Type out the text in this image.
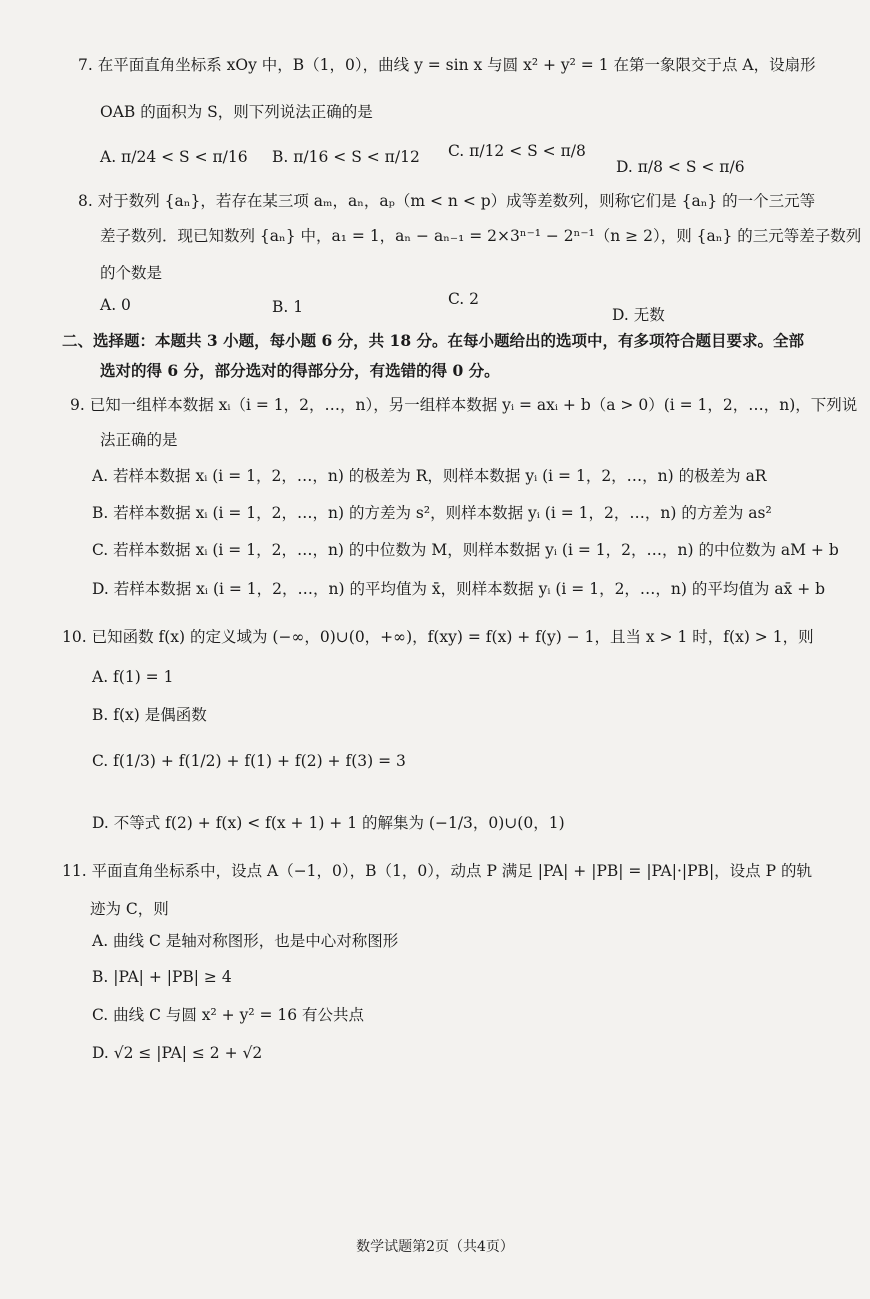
7. 在平面直角坐标系 xOy 中，B（1，0），曲线 y = sin x 与圆 x² + y² = 1 在第一象限交于点 A，设扇形
OAB 的面积为 S，则下列说法正确的是
A. π/24 < S < π/16 B. π/16 < S < π/12 C. π/12 < S < π/8
D. π/8 < S < π/6
8. 对于数列 {aₙ}，若存在某三项 aₘ，aₙ，aₚ（m < n < p）成等差数列，则称它们是 {aₙ} 的一个三元等
差子数列．现已知数列 {aₙ} 中，a₁ = 1，aₙ − aₙ₋₁ = 2×3ⁿ⁻¹ − 2ⁿ⁻¹（n ≥ 2），则 {aₙ} 的三元等差子数列
的个数是
A. 0	B. 1	C. 2
D. 无数
二、选择题：本题共 3 小题，每小题 6 分，共 18 分。在每小题给出的选项中，有多项符合题目要求。全部
选对的得 6 分，部分选对的得部分分，有选错的得 0 分。
9. 已知一组样本数据 xᵢ（i = 1，2，…，n），另一组样本数据 yᵢ = axᵢ + b（a > 0）(i = 1，2，…，n)，下列说
法正确的是
A. 若样本数据 xᵢ (i = 1，2，…，n) 的极差为 R，则样本数据 yᵢ (i = 1，2，…，n) 的极差为 aR
B. 若样本数据 xᵢ (i = 1，2，…，n) 的方差为 s²，则样本数据 yᵢ (i = 1，2，…，n) 的方差为 as²
C. 若样本数据 xᵢ (i = 1，2，…，n) 的中位数为 M，则样本数据 yᵢ (i = 1，2，…，n) 的中位数为 aM + b
D. 若样本数据 xᵢ (i = 1，2，…，n) 的平均值为 x̄，则样本数据 yᵢ (i = 1，2，…，n) 的平均值为 ax̄ + b
10. 已知函数 f(x) 的定义域为 (−∞，0)∪(0，+∞)，f(xy) = f(x) + f(y) − 1，且当 x > 1 时，f(x) > 1，则
A. f(1) = 1
B. f(x) 是偶函数
C. f(1/3) + f(1/2) + f(1) + f(2) + f(3) = 3
D. 不等式 f(2) + f(x) < f(x + 1) + 1 的解集为 (−1/3，0)∪(0，1)
11. 平面直角坐标系中，设点 A（−1，0），B（1，0），动点 P 满足 |PA| + |PB| = |PA|·|PB|，设点 P 的轨
迹为 C，则
A. 曲线 C 是轴对称图形，也是中心对称图形
B. |PA| + |PB| ≥ 4
C. 曲线 C 与圆 x² + y² = 16 有公共点
D. √2 ≤ |PA| ≤ 2 + √2
数学试题第2页（共4页）
